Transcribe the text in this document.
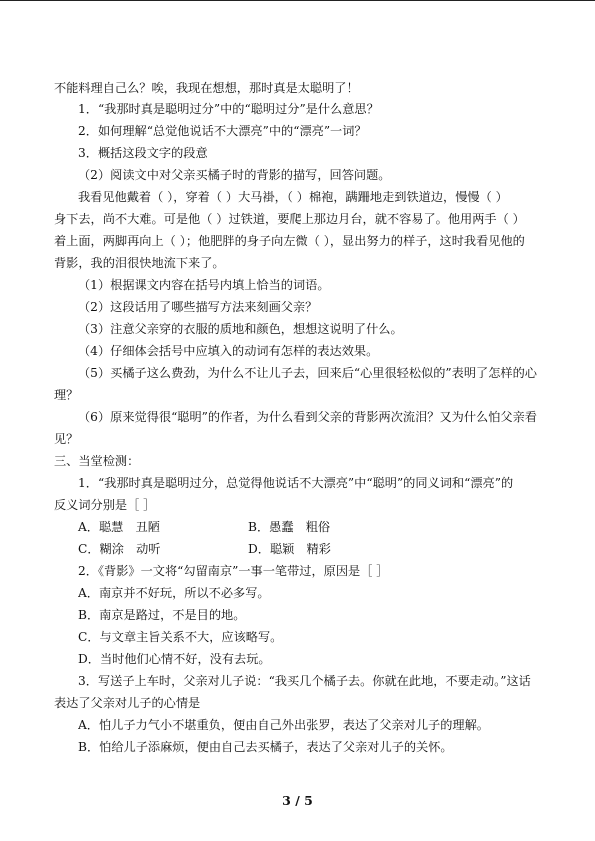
不能料理自己么？唉，我现在想想，那时真是太聪明了！
1．“我那时真是聪明过分”中的“聪明过分”是什么意思？
2．如何理解“总觉他说话不大漂亮”中的“漂亮”一词？
3．概括这段文字的段意
（2）阅读文中对父亲买橘子时的背影的描写，回答问题。
我看见他戴着（ ），穿着（ ）大马褂，（ ）棉袍，蹒跚地走到铁道边，慢慢（ ）
身下去，尚不大难。可是他（ ）过铁道，要爬上那边月台，就不容易了。他用两手（ ）
着上面，两脚再向上（ ）；他肥胖的身子向左微（ ），显出努力的样子，这时我看见他的
背影，我的泪很快地流下来了。
（1）根据课文内容在括号内填上恰当的词语。
（2）这段话用了哪些描写方法来刻画父亲？
（3）注意父亲穿的衣服的质地和颜色，想想这说明了什么。
（4）仔细体会括号中应填入的动词有怎样的表达效果。
（5）买橘子这么费劲，为什么不让儿子去，回来后“心里很轻松似的”表明了怎样的心
理？
（6）原来觉得很“聪明”的作者，为什么看到父亲的背影两次流泪？又为什么怕父亲看
见？
三、当堂检测：
1．“我那时真是聪明过分，总觉得他说话不大漂亮”中“聪明”的同义词和“漂亮”的
反义词分别是［ ］
A．聪慧　丑陋	B．愚蠢　粗俗
C．糊涂　动听	D．聪颖　精彩
2．《背影》一文将“勾留南京”一事一笔带过，原因是［ ］
A．南京并不好玩，所以不必多写。
B．南京是路过，不是目的地。
C．与文章主旨关系不大，应该略写。
D．当时他们心情不好，没有去玩。
3．写送子上车时，父亲对儿子说：“我买几个橘子去。你就在此地，不要走动。”这话
表达了父亲对儿子的心情是
A．怕儿子力气小不堪重负，便由自己外出张罗，表达了父亲对儿子的理解。
B．怕给儿子添麻烦，便由自己去买橘子，表达了父亲对儿子的关怀。
3 / 5
